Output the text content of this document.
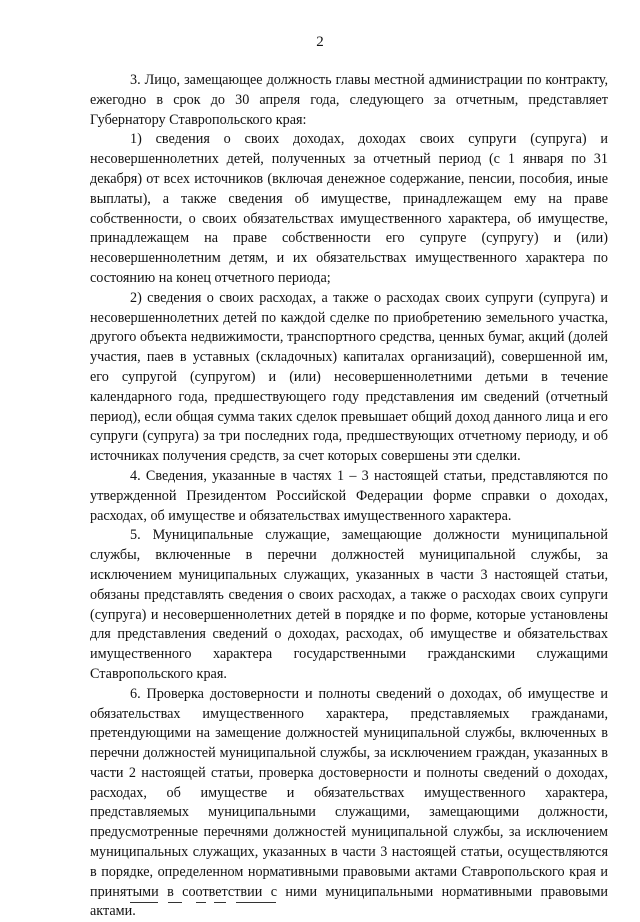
2

3. Лицо, замещающее должность главы местной администрации по контракту, ежегодно в срок до 30 апреля года, следующего за отчетным, представляет Губернатору Ставропольского края:

1) сведения о своих доходах, доходах своих супруги (супруга) и несовершеннолетних детей, полученных за отчетный период (с 1 января по 31 декабря) от всех источников (включая денежное содержание, пенсии, пособия, иные выплаты), а также сведения об имуществе, принадлежащем ему на праве собственности, о своих обязательствах имущественного характера, об имуществе, принадлежащем на праве собственности его супруге (супругу) и (или) несовершеннолетним детям, и их обязательствах имущественного характера по состоянию на конец отчетного периода;

2) сведения о своих расходах, а также о расходах своих супруги (супруга) и несовершеннолетних детей по каждой сделке по приобретению земельного участка, другого объекта недвижимости, транспортного средства, ценных бумаг, акций (долей участия, паев в уставных (складочных) капиталах организаций), совершенной им, его супругой (супругом) и (или) несовершеннолетними детьми в течение календарного года, предшествующего году представления им сведений (отчетный период), если общая сумма таких сделок превышает общий доход данного лица и его супруги (супруга) за три последних года, предшествующих отчетному периоду, и об источниках получения средств, за счет которых совершены эти сделки.

4. Сведения, указанные в частях 1 – 3 настоящей статьи, представляются по утвержденной Президентом Российской Федерации форме справки о доходах, расходах, об имуществе и обязательствах имущественного характера.

5. Муниципальные служащие, замещающие должности муниципальной службы, включенные в перечни должностей муниципальной службы, за исключением муниципальных служащих, указанных в части 3 настоящей статьи, обязаны представлять сведения о своих расходах, а также о расходах своих супруги (супруга) и несовершеннолетних детей в порядке и по форме, которые установлены для представления сведений о доходах, расходах, об имуществе и обязательствах имущественного характера государственными гражданскими служащими Ставропольского края.

6. Проверка достоверности и полноты сведений о доходах, об имуществе и обязательствах имущественного характера, представляемых гражданами, претендующими на замещение должностей муниципальной службы, включенных в перечни должностей муниципальной службы, за исключением граждан, указанных в части 2 настоящей статьи, проверка достоверности и полноты сведений о доходах, расходах, об имуществе и обязательствах имущественного характера, представляемых муниципальными служащими, замещающими должности, предусмотренные перечнями должностей муниципальной службы, за исключением муниципальных служащих, указанных в части 3 настоящей статьи, осуществляются в порядке, определенном нормативными правовыми актами Ставропольского края и принятыми в соответствии с ними муниципальными нормативными правовыми актами.
